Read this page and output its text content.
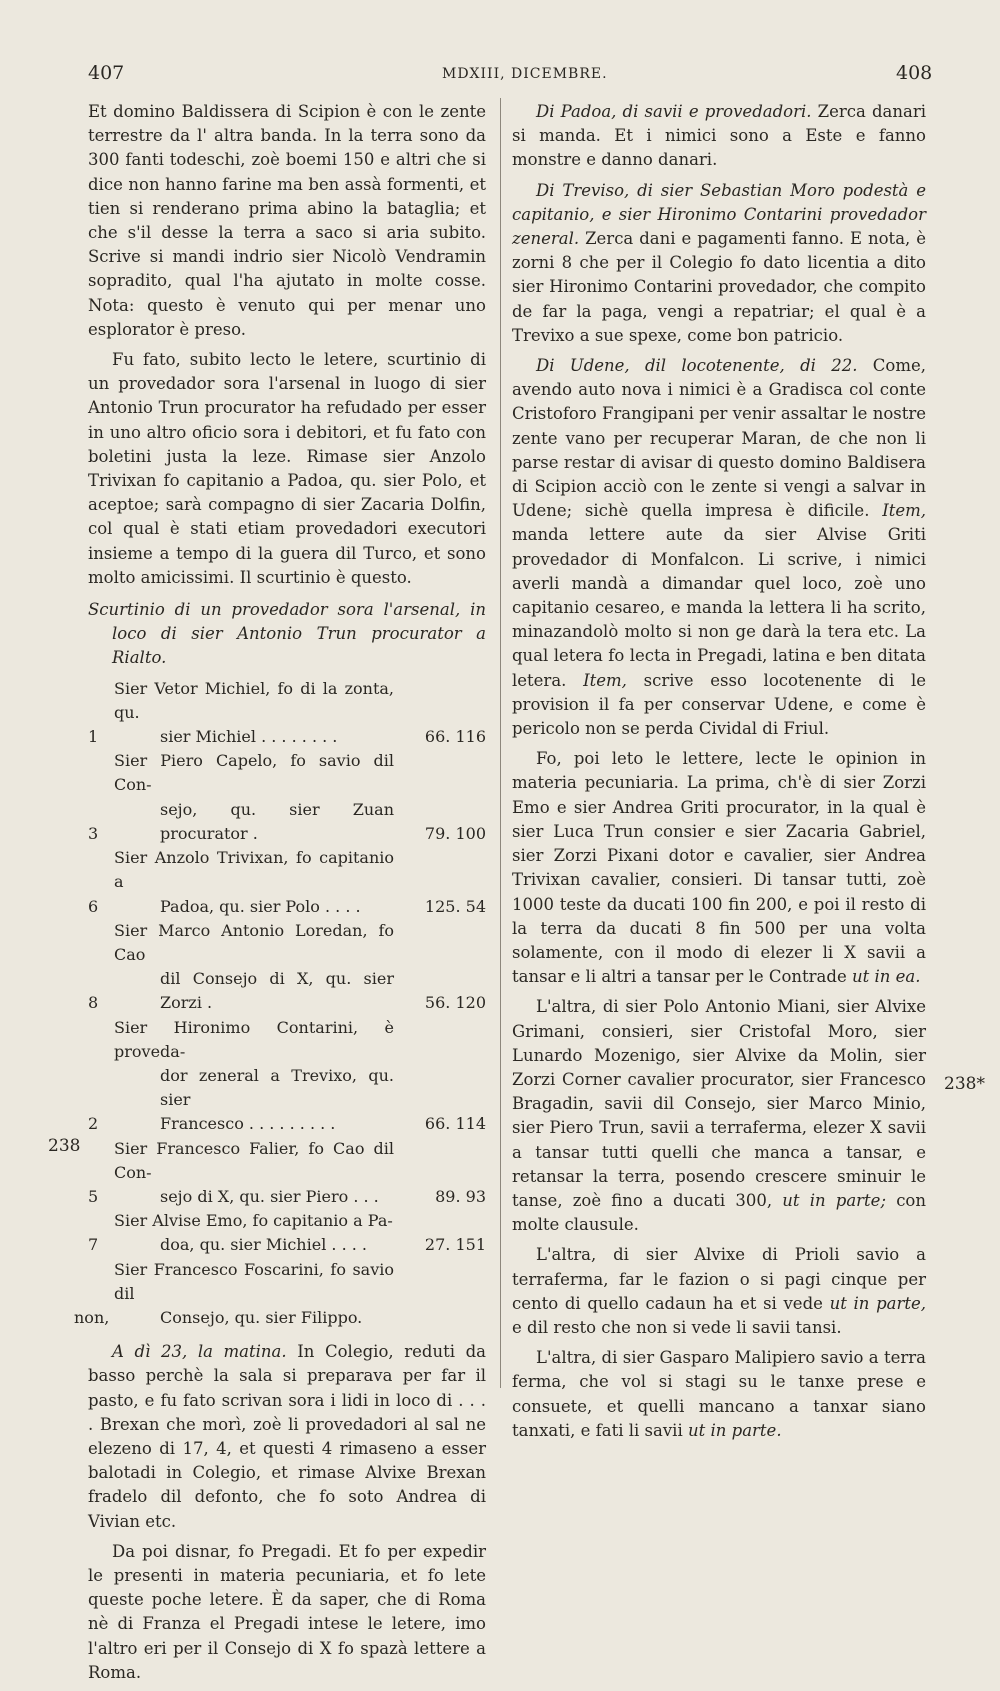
407	MDXIII, DICEMBRE.	408
238
238*

Et domino Baldissera di Scipion è con le zente terrestre da l' altra banda. In la terra sono da 300 fanti todeschi, zoè boemi 150 e altri che si dice non hanno farine ma ben assà formenti, et tien si renderano prima abino la bataglia; et che s'il desse la terra a saco si aria subito. Scrive si mandi indrio sier Nicolò Vendramin sopradito, qual l'ha ajutato in molte cosse. Nota: questo è venuto qui per menar uno esplorator è preso.

Fu fato, subito lecto le letere, scurtinio di un provedador sora l'arsenal in luogo di sier Antonio Trun procurator ha refudado per esser in uno altro oficio sora i debitori, et fu fato con boletini justa la leze. Rimase sier Anzolo Trivixan fo capitanio a Padoa, qu. sier Polo, et aceptoe; sarà compagno di sier Zacaria Dolfin, col qual è stati etiam provedadori executori insieme a tempo di la guera dil Turco, et sono molto amicissimi. Il scurtinio è questo.

Scurtinio di un provedador sora l'arsenal, in loco di sier Antonio Trun procurator a Rialto.

1
Sier Vetor Michiel, fo di la zonta, qu.
sier Michiel . . . . . . . .	66. 116
3
Sier Piero Capelo, fo savio dil Con-
sejo, qu. sier Zuan procurator .	79. 100
6
Sier Anzolo Trivixan, fo capitanio a
Padoa, qu. sier Polo . . . .	125. 54
8
Sier Marco Antonio Loredan, fo Cao
dil Consejo di X, qu. sier Zorzi .	56. 120
2
Sier Hironimo Contarini, è proveda-
dor zeneral a Trevixo, qu. sier
Francesco . . . . . . . . .	66. 114
5
Sier Francesco Falier, fo Cao dil Con-
sejo di X, qu. sier Piero . . .	89. 93
7
Sier Alvise Emo, fo capitanio a Pa-
doa, qu. sier Michiel . . . .	27. 151
non,
Sier Francesco Foscarini, fo savio dil
Consejo, qu. sier Filippo.

A dì 23, la matina. In Colegio, reduti da basso perchè la sala si preparava per far il pasto, e fu fato scrivan sora i lidi in loco di . . . . Brexan che morì, zoè li provedadori al sal ne elezeno di 17, 4, et questi 4 rimaseno a esser balotadi in Colegio, et rimase Alvixe Brexan fradelo dil defonto, che fo soto Andrea di Vivian etc.

Da poi disnar, fo Pregadi. Et fo per expedir le presenti in materia pecuniaria, et fo lete queste poche letere. È da saper, che di Roma nè di Franza el Pregadi intese le letere, imo l'altro eri per il Consejo di X fo spazà lettere a Roma.

Di Padoa, di savii e provedadori. Zerca danari si manda. Et i nimici sono a Este e fanno monstre e danno danari.

Di Treviso, di sier Sebastian Moro podestà e capitanio, e sier Hironimo Contarini provedador zeneral. Zerca dani e pagamenti fanno. E nota, è zorni 8 che per il Colegio fo dato licentia a dito sier Hironimo Contarini provedador, che compito de far la paga, vengi a repatriar; el qual è a Trevixo a sue spexe, come bon patricio.

Di Udene, dil locotenente, di 22. Come, avendo auto nova i nimici è a Gradisca col conte Cristoforo Frangipani per venir assaltar le nostre zente vano per recuperar Maran, de che non li parse restar di avisar di questo domino Baldisera di Scipion acciò con le zente si vengi a salvar in Udene; sichè quella impresa è dificile. Item, manda lettere aute da sier Alvise Griti provedador di Monfalcon. Li scrive, i nimici averli mandà a dimandar quel loco, zoè uno capitanio cesareo, e manda la lettera li ha scrito, minazandolò molto si non ge darà la tera etc. La qual letera fo lecta in Pregadi, latina e ben ditata letera. Item, scrive esso locotenente di le provision il fa per conservar Udene, e come è pericolo non se perda Cividal di Friul.

Fo, poi leto le lettere, lecte le opinion in materia pecuniaria. La prima, ch'è di sier Zorzi Emo e sier Andrea Griti procurator, in la qual è sier Luca Trun consier e sier Zacaria Gabriel, sier Zorzi Pixani dotor e cavalier, sier Andrea Trivixan cavalier, consieri. Di tansar tutti, zoè 1000 teste da ducati 100 fin 200, e poi il resto di la terra da ducati 8 fin 500 per una volta solamente, con il modo di elezer li X savii a tansar e li altri a tansar per le Contrade ut in ea.

L'altra, di sier Polo Antonio Miani, sier Alvixe Grimani, consieri, sier Cristofal Moro, sier Lunardo Mozenigo, sier Alvixe da Molin, sier Zorzi Corner cavalier procurator, sier Francesco Bragadin, savii dil Consejo, sier Marco Minio, sier Piero Trun, savii a terraferma, elezer X savii a tansar tutti quelli che manca a tansar, e retansar la terra, posendo crescere sminuir le tanse, zoè fino a ducati 300, ut in parte; con molte clausule.

L'altra, di sier Alvixe di Prioli savio a terraferma, far le fazion o si pagi cinque per cento di quello cadaun ha et si vede ut in parte, e dil resto che non si vede li savii tansi.

L'altra, di sier Gasparo Malipiero savio a terra ferma, che vol si stagi su le tanxe prese e consuete, et quelli mancano a tanxar siano tanxati, e fati li savii ut in parte.
